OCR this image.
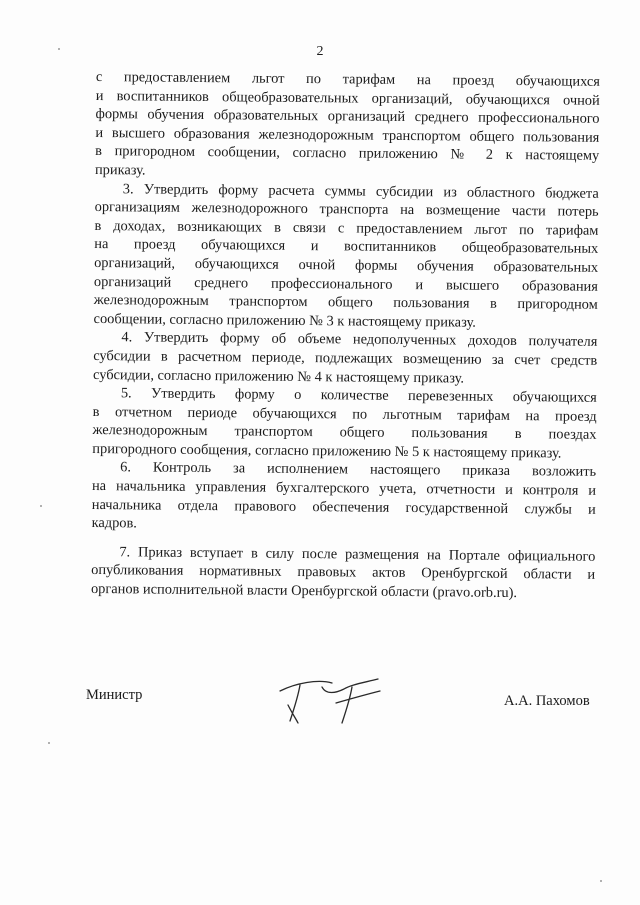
2

с предоставлением льгот по тарифам на проезд обучающихся
и воспитанников общеобразовательных организаций, обучающихся очной
формы обучения образовательных организаций среднего профессионального
и высшего образования железнодорожным транспортом общего пользования
в пригородном сообщении, согласно приложению № 2 к настоящему
приказу.

3. Утвердить форму расчета суммы субсидии из областного бюджета
организациям железнодорожного транспорта на возмещение части потерь
в доходах, возникающих в связи с предоставлением льгот по тарифам
на проезд обучающихся и воспитанников общеобразовательных
организаций, обучающихся очной формы обучения образовательных
организаций среднего профессионального и высшего образования
железнодорожным транспортом общего пользования в пригородном
сообщении, согласно приложению № 3 к настоящему приказу.

4. Утвердить форму об объеме недополученных доходов получателя
субсидии в расчетном периоде, подлежащих возмещению за счет средств
субсидии, согласно приложению № 4 к настоящему приказу.

5. Утвердить форму о количестве перевезенных обучающихся
в отчетном периоде обучающихся по льготным тарифам на проезд
железнодорожным транспортом общего пользования в поездах
пригородного сообщения, согласно приложению № 5 к настоящему приказу.

6. Контроль за исполнением настоящего приказа возложить
на начальника управления бухгалтерского учета, отчетности и контроля и
начальника отдела правового обеспечения государственной службы и
кадров.

7. Приказ вступает в силу после размещения на Портале официального
опубликования нормативных правовых актов Оренбургской области и
органов исполнительной власти Оренбургской области (pravo.orb.ru).

Министр	А.А. Пахомов
